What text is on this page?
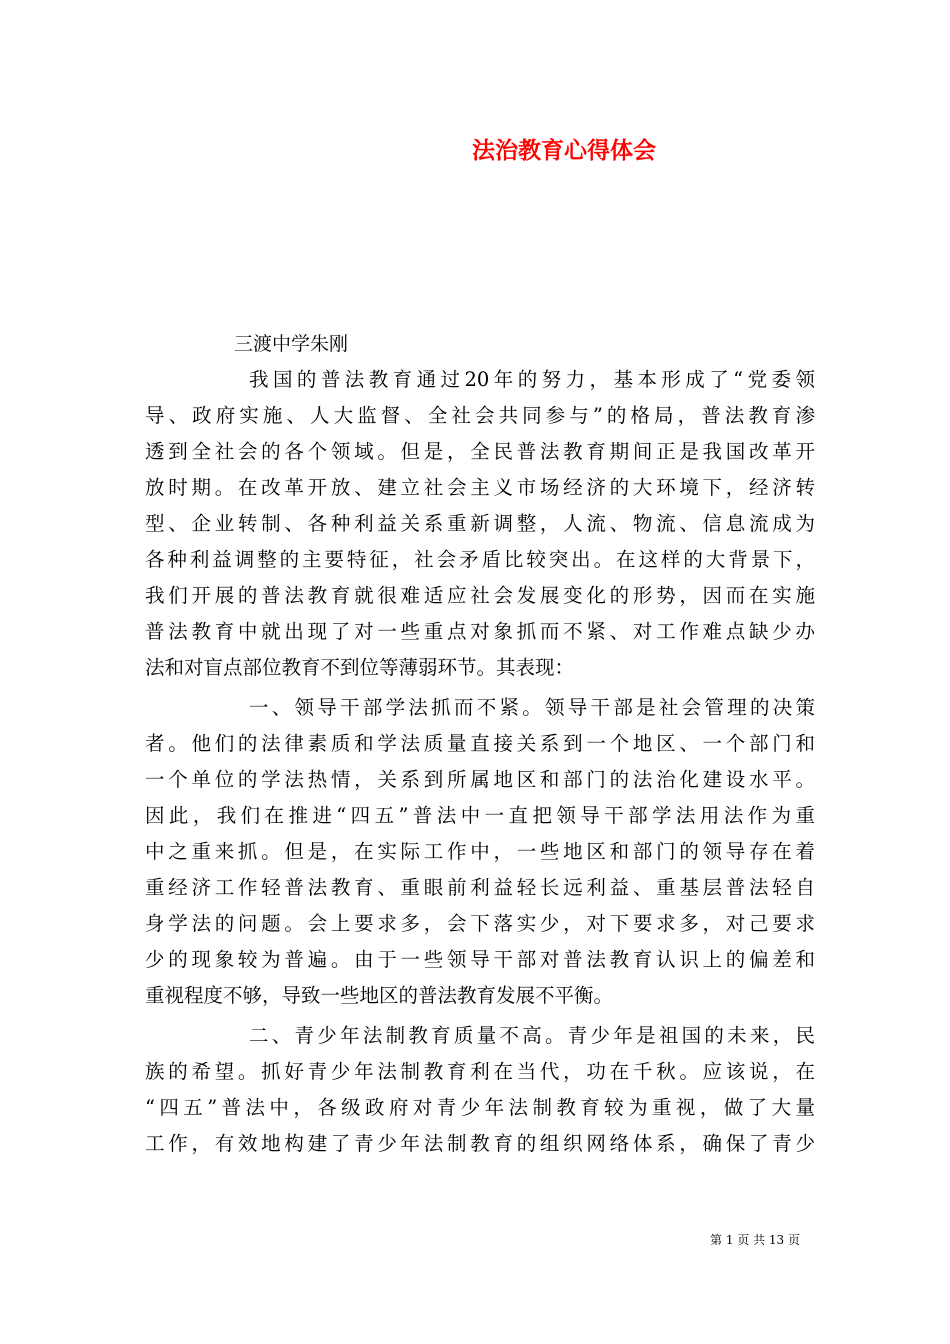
法治教育心得体会
三渡中学朱刚
我国的普法教育通过20年的努力，基本形成了“党委领
导、政府实施、人大监督、全社会共同参与”的格局，普法教育渗
透到全社会的各个领域。但是，全民普法教育期间正是我国改革开
放时期。在改革开放、建立社会主义市场经济的大环境下，经济转
型、企业转制、各种利益关系重新调整，人流、物流、信息流成为
各种利益调整的主要特征，社会矛盾比较突出。在这样的大背景下，
我们开展的普法教育就很难适应社会发展变化的形势，因而在实施
普法教育中就出现了对一些重点对象抓而不紧、对工作难点缺少办
法和对盲点部位教育不到位等薄弱环节。其表现：
一、领导干部学法抓而不紧。领导干部是社会管理的决策
者。他们的法律素质和学法质量直接关系到一个地区、一个部门和
一个单位的学法热情，关系到所属地区和部门的法治化建设水平。
因此，我们在推进“四五”普法中一直把领导干部学法用法作为重
中之重来抓。但是，在实际工作中，一些地区和部门的领导存在着
重经济工作轻普法教育、重眼前利益轻长远利益、重基层普法轻自
身学法的问题。会上要求多，会下落实少，对下要求多，对己要求
少的现象较为普遍。由于一些领导干部对普法教育认识上的偏差和
重视程度不够，导致一些地区的普法教育发展不平衡。
二、青少年法制教育质量不高。青少年是祖国的未来，民
族的希望。抓好青少年法制教育利在当代，功在千秋。应该说，在
“四五”普法中，各级政府对青少年法制教育较为重视，做了大量
工作，有效地构建了青少年法制教育的组织网络体系，确保了青少
第 1 页 共 13 页
